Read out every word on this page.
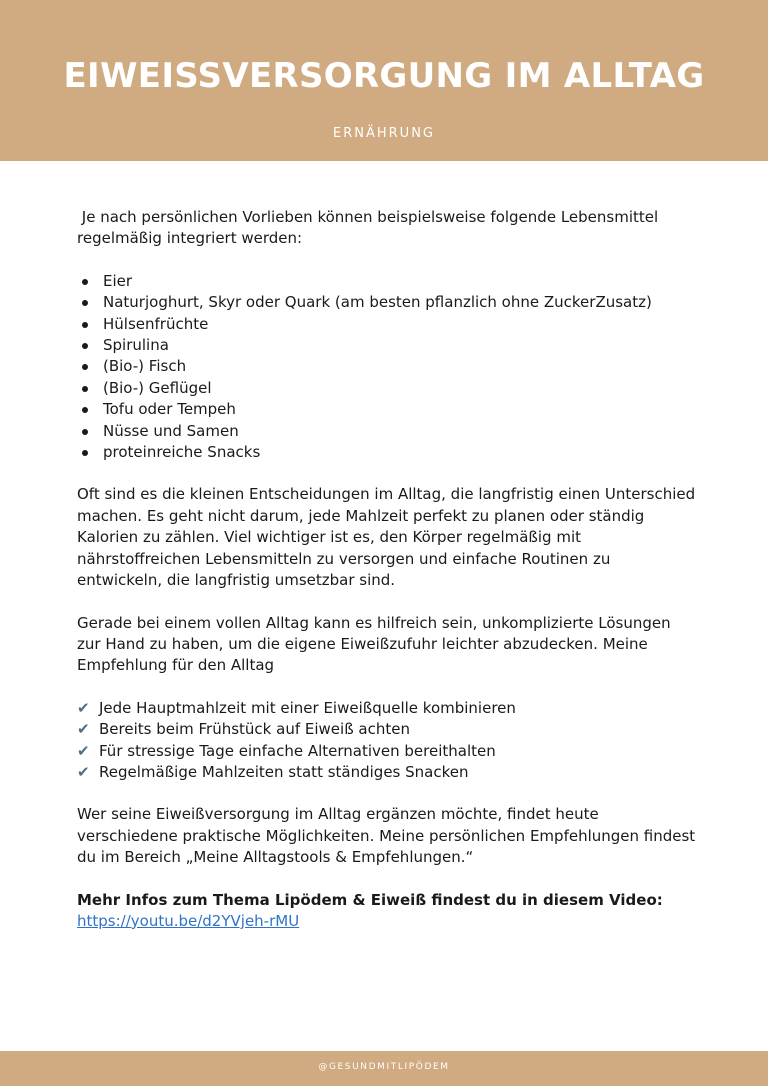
EIWEISSVERSORGUNG IM ALLTAG
ERNÄHRUNG

Je nach persönlichen Vorlieben können beispielsweise folgende Lebensmittel regelmäßig integriert werden:

Eier
Naturjoghurt, Skyr oder Quark (am besten pflanzlich ohne ZuckerZusatz)
Hülsenfrüchte
Spirulina
(Bio-) Fisch
(Bio-) Geflügel
Tofu oder Tempeh
Nüsse und Samen
proteinreiche Snacks

Oft sind es die kleinen Entscheidungen im Alltag, die langfristig einen Unterschied machen. Es geht nicht darum, jede Mahlzeit perfekt zu planen oder ständig Kalorien zu zählen. Viel wichtiger ist es, den Körper regelmäßig mit nährstoffreichen Lebensmitteln zu versorgen und einfache Routinen zu entwickeln, die langfristig umsetzbar sind.

Gerade bei einem vollen Alltag kann es hilfreich sein, unkomplizierte Lösungen zur Hand zu haben, um die eigene Eiweißzufuhr leichter abzudecken. Meine Empfehlung für den Alltag

✔ Jede Hauptmahlzeit mit einer Eiweißquelle kombinieren
✔ Bereits beim Frühstück auf Eiweiß achten
✔ Für stressige Tage einfache Alternativen bereithalten
✔ Regelmäßige Mahlzeiten statt ständiges Snacken

Wer seine Eiweißversorgung im Alltag ergänzen möchte, findet heute verschiedene praktische Möglichkeiten. Meine persönlichen Empfehlungen findest du im Bereich „Meine Alltagstools & Empfehlungen.“

Mehr Infos zum Thema Lipödem & Eiweiß findest du in diesem Video:

https://youtu.be/d2YVjeh-rMU

@GESUNDMITLIPÖDEM
